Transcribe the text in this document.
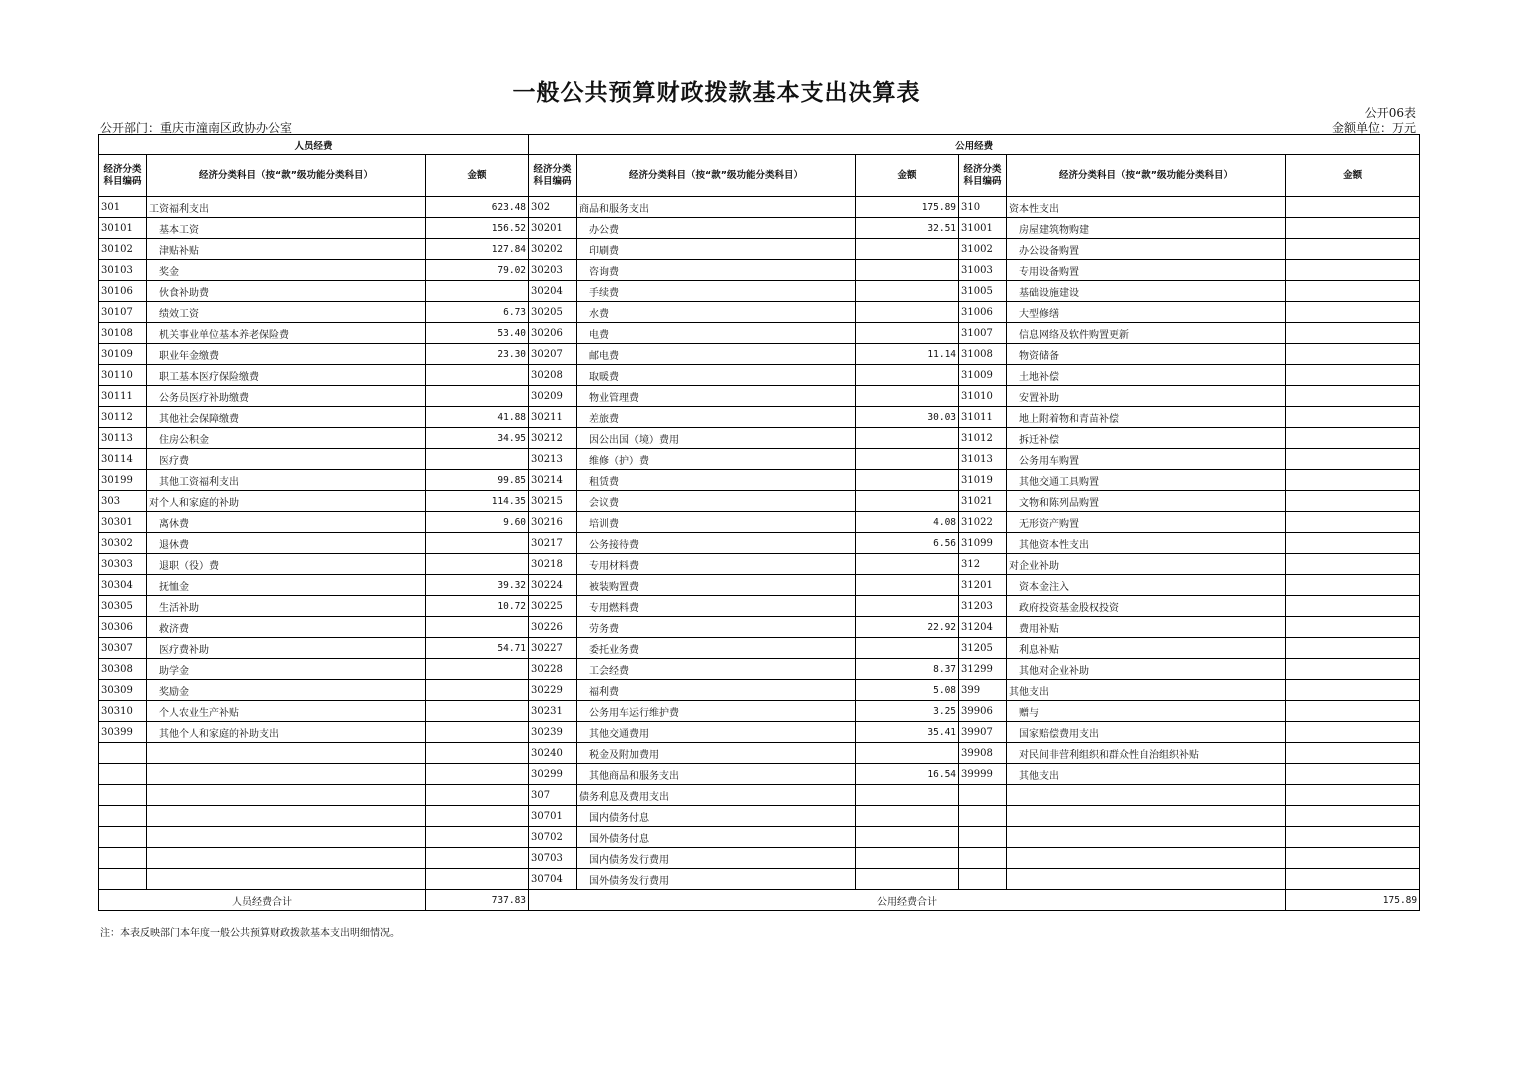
一般公共预算财政拨款基本支出决算表
公开06表
公开部门：重庆市潼南区政协办公室	金额单位：万元
人员经费			公用经费					
经济分类科目编码	经济分类科目（按“款”级功能分类科目）	金额	经济分类科目编码	经济分类科目（按“款”级功能分类科目）	金额	经济分类科目编码	经济分类科目（按“款”级功能分类科目）	金额
301	工资福利支出	623.48	302	商品和服务支出	175.89	310	资本性支出	
30101	基本工资	156.52	30201	办公费	32.51	31001	房屋建筑物购建	
30102	津贴补贴	127.84	30202	印刷费		31002	办公设备购置	
30103	奖金	79.02	30203	咨询费		31003	专用设备购置	
30106	伙食补助费		30204	手续费		31005	基础设施建设	
30107	绩效工资	6.73	30205	水费		31006	大型修缮	
30108	机关事业单位基本养老保险费	53.40	30206	电费		31007	信息网络及软件购置更新	
30109	职业年金缴费	23.30	30207	邮电费	11.14	31008	物资储备	
30110	职工基本医疗保险缴费		30208	取暖费		31009	土地补偿	
30111	公务员医疗补助缴费		30209	物业管理费		31010	安置补助	
30112	其他社会保障缴费	41.88	30211	差旅费	30.03	31011	地上附着物和青苗补偿	
30113	住房公积金	34.95	30212	因公出国（境）费用		31012	拆迁补偿	
30114	医疗费		30213	维修（护）费		31013	公务用车购置	
30199	其他工资福利支出	99.85	30214	租赁费		31019	其他交通工具购置	
303	对个人和家庭的补助	114.35	30215	会议费		31021	文物和陈列品购置	
30301	离休费	9.60	30216	培训费	4.08	31022	无形资产购置	
30302	退休费		30217	公务接待费	6.56	31099	其他资本性支出	
30303	退职（役）费		30218	专用材料费		312	对企业补助	
30304	抚恤金	39.32	30224	被装购置费		31201	资本金注入	
30305	生活补助	10.72	30225	专用燃料费		31203	政府投资基金股权投资	
30306	救济费		30226	劳务费	22.92	31204	费用补贴	
30307	医疗费补助	54.71	30227	委托业务费		31205	利息补贴	
30308	助学金		30228	工会经费	8.37	31299	其他对企业补助	
30309	奖励金		30229	福利费	5.08	399	其他支出	
30310	个人农业生产补贴		30231	公务用车运行维护费	3.25	39906	赠与	
30399	其他个人和家庭的补助支出		30239	其他交通费用	35.41	39907	国家赔偿费用支出	
			30240	税金及附加费用		39908	对民间非营利组织和群众性自治组织补贴	
			30299	其他商品和服务支出	16.54	39999	其他支出	
			307	债务利息及费用支出				
			30701	国内债务付息				
			30702	国外债务付息				
			30703	国内债务发行费用				
			30704	国外债务发行费用				
人员经费合计		737.83	公用经费合计					175.89
注：本表反映部门本年度一般公共预算财政拨款基本支出明细情况。
